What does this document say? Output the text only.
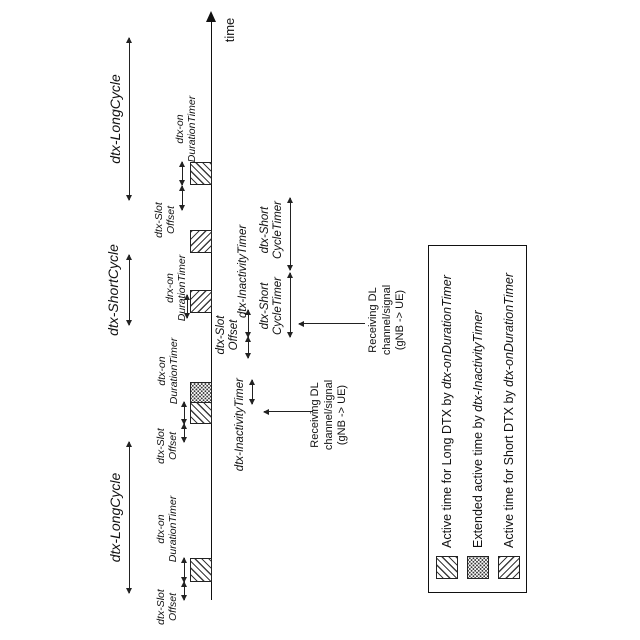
time
dtx-LongCycle
dtx-ShortCycle
dtx-LongCycle
dtx-Slot Offset
dtx-on DurationTimer
dtx-Slot Offset
dtx-on DurationTimer
drx-on DurationTimer
dtx-Slot Offset
dtx-on DurationTimer
dtx-InactivityTimer	Receiving DL channel/signal (gNB -> UE)
dtx-Slot Offset
dtx-InactivityTimer dtx-Short CycleTimer
dtx-Short CycleTimer
Receiving DL channel/signal (gNB -> UE)
Active time for Long DTX by dtx-onDurationTimer
Extended active time by dtx-InactivityTimer
Active time for Short DTX by dtx-onDurationTimer
